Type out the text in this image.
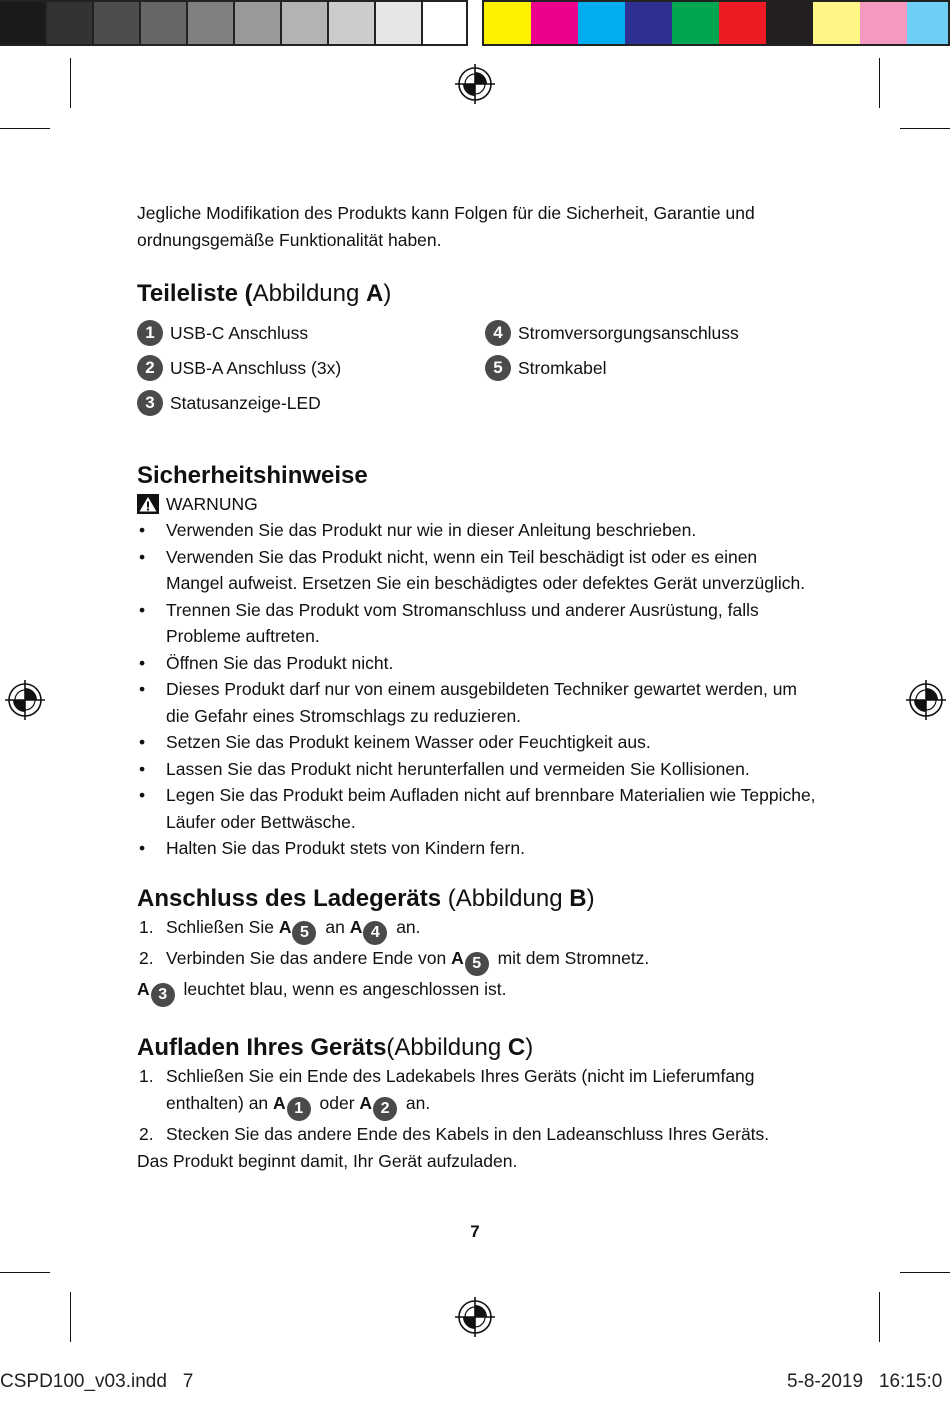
Jegliche Modifikation des Produkts kann Folgen für die Sicherheit, Garantie und ordnungsgemäße Funktionalität haben.

Teileliste (Abbildung A)
1 USB-C Anschluss	4 Stromversorgungsanschluss
2 USB-A Anschluss (3x)	5 Stromkabel
3 Statusanzeige-LED
Sicherheitshinweise
WARNUNG
• Verwenden Sie das Produkt nur wie in dieser Anleitung beschrieben.
• Verwenden Sie das Produkt nicht, wenn ein Teil beschädigt ist oder es einen Mangel aufweist. Ersetzen Sie ein beschädigtes oder defektes Gerät unverzüglich.
• Trennen Sie das Produkt vom Stromanschluss und anderer Ausrüstung, falls Probleme auftreten.
• Öffnen Sie das Produkt nicht.
• Dieses Produkt darf nur von einem ausgebildeten Techniker gewartet werden, um die Gefahr eines Stromschlags zu reduzieren.
• Setzen Sie das Produkt keinem Wasser oder Feuchtigkeit aus.
• Lassen Sie das Produkt nicht herunterfallen und vermeiden Sie Kollisionen.
• Legen Sie das Produkt beim Aufladen nicht auf brennbare Materialien wie Teppiche, Läufer oder Bettwäsche.
• Halten Sie das Produkt stets von Kindern fern.
Anschluss des Ladegeräts (Abbildung B)
1. Schließen Sie A 5 an A 4 an.
2. Verbinden Sie das andere Ende von A 5 mit dem Stromnetz.

A 3 leuchtet blau, wenn es angeschlossen ist.

Aufladen Ihres Geräts(Abbildung C)
1. Schließen Sie ein Ende des Ladekabels Ihres Geräts (nicht im Lieferumfang enthalten) an A 1 oder A 2 an.
2. Stecken Sie das andere Ende des Kabels in den Ladeanschluss Ihres Geräts.

Das Produkt beginnt damit, Ihr Gerät aufzuladen.

7
CSPD100_v03.indd   7	5-8-2019   16:15:0
